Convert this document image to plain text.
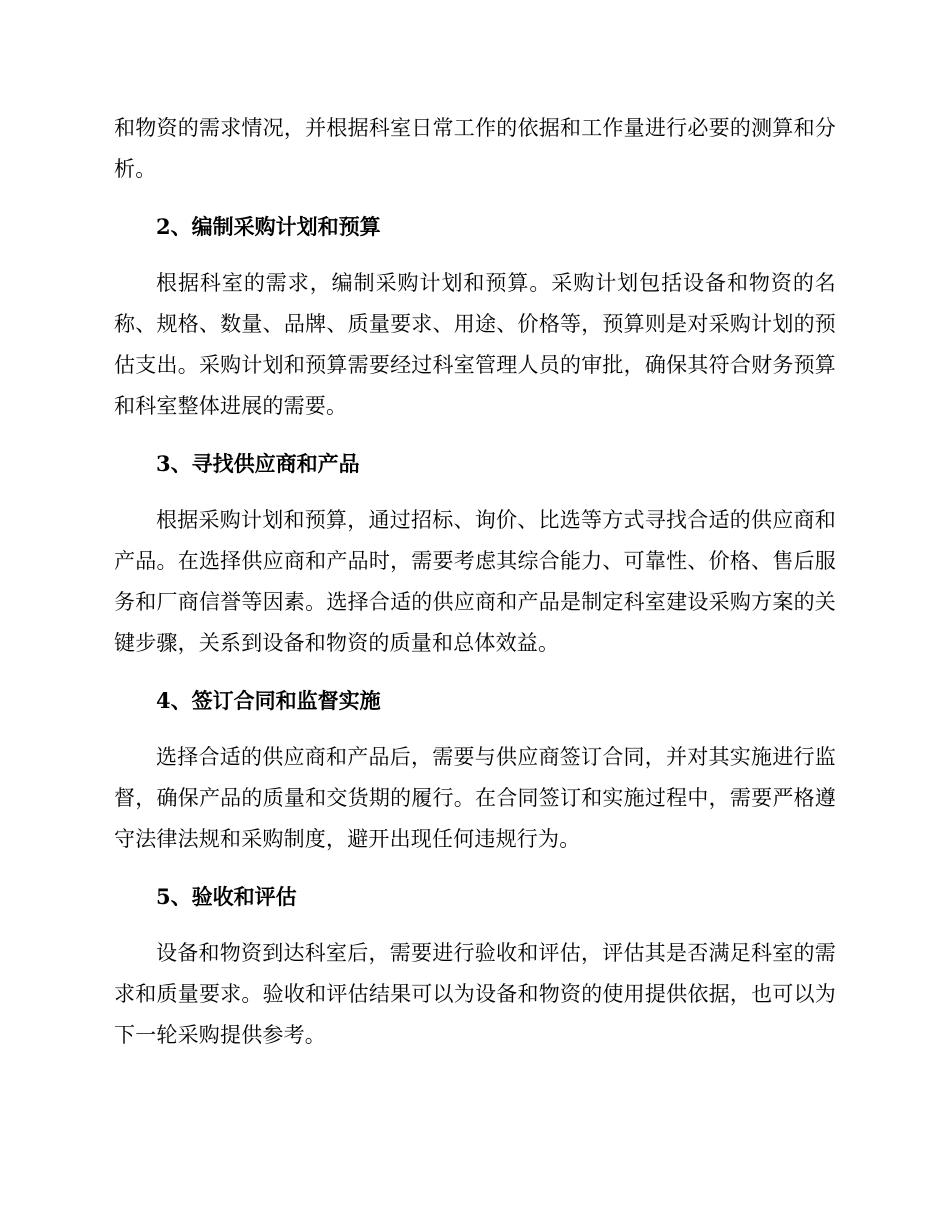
和物资的需求情况，并根据科室日常工作的依据和工作量进行必要的测算和分析。

2、编制采购计划和预算

根据科室的需求，编制采购计划和预算。采购计划包括设备和物资的名称、规格、数量、品牌、质量要求、用途、价格等，预算则是对采购计划的预估支出。采购计划和预算需要经过科室管理人员的审批，确保其符合财务预算和科室整体进展的需要。

3、寻找供应商和产品

根据采购计划和预算，通过招标、询价、比选等方式寻找合适的供应商和产品。在选择供应商和产品时，需要考虑其综合能力、可靠性、价格、售后服务和厂商信誉等因素。选择合适的供应商和产品是制定科室建设采购方案的关键步骤，关系到设备和物资的质量和总体效益。

4、签订合同和监督实施

选择合适的供应商和产品后，需要与供应商签订合同，并对其实施进行监督，确保产品的质量和交货期的履行。在合同签订和实施过程中，需要严格遵守法律法规和采购制度，避开出现任何违规行为。

5、验收和评估

设备和物资到达科室后，需要进行验收和评估，评估其是否满足科室的需求和质量要求。验收和评估结果可以为设备和物资的使用提供依据，也可以为下一轮采购提供参考。
